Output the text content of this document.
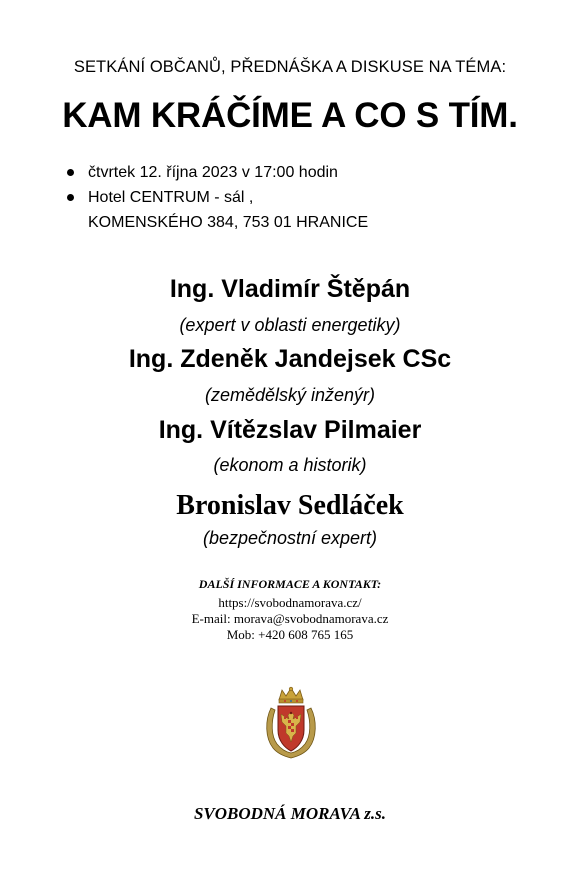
SETKÁNÍ OBČANŮ, PŘEDNÁŠKA A DISKUSE NA TÉMA:
KAM KRÁČÍME A CO S TÍM.
čtvrtek 12. října 2023 v 17:00 hodin
Hotel CENTRUM - sál ,
KOMENSKÉHO 384, 753 01 HRANICE
Ing. Vladimír Štěpán
(expert v oblasti energetiky)
Ing. Zdeněk Jandejsek CSc
(zemědělský inženýr)
Ing. Vítězslav Pilmaier
(ekonom a historik)
Bronislav Sedláček
(bezpečnostní expert)
DALŠÍ INFORMACE A KONTAKT:
https://svobodnamorava.cz/
E-mail: morava@svobodnamorava.cz
Mob: +420 608 765 165
SVOBODNÁ MORAVA z.s.
